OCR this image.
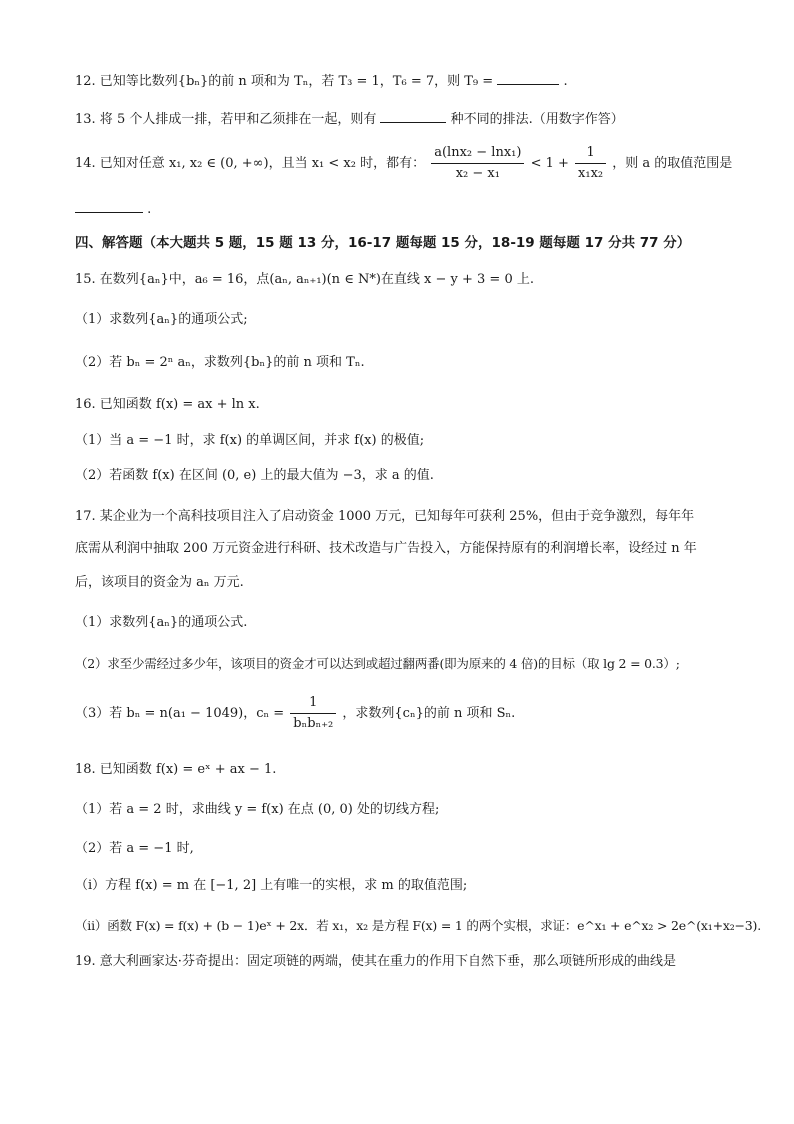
12. 已知等比数列{bₙ}的前 n 项和为 Tₙ，若 T₃ = 1，T₆ = 7，则 T₉ =	.
13. 将 5 个人排成一排，若甲和乙须排在一起，则有	种不同的排法.（用数字作答）
14. 已知对任意 x₁, x₂ ∈ (0, +∞)，且当 x₁ < x₂ 时，都有： $\frac{\text{a(lnx₂ − lnx₁)}}{\text{x₂ − x₁}} < 1 + \frac{1}{\text{x₁x₂}}$ ，则 a 的取值范围是
.
四、解答题（本大题共 5 题，15 题 13 分，16-17 题每题 15 分，18-19 题每题 17 分共 77 分）
15. 在数列{aₙ}中，a₆ = 16，点(aₙ, aₙ₊₁)(n ∈ N*)在直线 x − y + 3 = 0 上.
（1）求数列{aₙ}的通项公式;
（2）若 bₙ = 2ⁿ aₙ，求数列{bₙ}的前 n 项和 Tₙ.
16. 已知函数 f(x) = ax + ln x.
（1）当 a = −1 时，求 f(x) 的单调区间，并求 f(x) 的极值;
（2）若函数 f(x) 在区间 (0, e) 上的最大值为 −3，求 a 的值.
17. 某企业为一个高科技项目注入了启动资金 1000 万元，已知每年可获利 25%，但由于竞争激烈，每年年
底需从利润中抽取 200 万元资金进行科研、技术改造与广告投入，方能保持原有的利润增长率，设经过 n 年
后，该项目的资金为 aₙ 万元.
（1）求数列{aₙ}的通项公式.
（2）求至少需经过多少年，该项目的资金才可以达到或超过翻两番(即为原来的 4 倍)的目标（取 lg 2 = 0.3）;
（3）若 bₙ = n(a₁ − 1049)，$c_n = \frac{1}{\text{bₙbₙ₊₂}}$ ，求数列{cₙ}的前 n 项和 Sₙ.
18. 已知函数 f(x) = eˣ + ax − 1.
（1）若 a = 2 时，求曲线 y = f(x) 在点 (0, 0) 处的切线方程;
（2）若 a = −1 时,
（i）方程 f(x) = m 在 [−1, 2] 上有唯一的实根，求 m 的取值范围;
（ii）函数 F(x) = f(x) + (b − 1)eˣ + 2x．若 x₁，x₂ 是方程 F(x) = 1 的两个实根，求证：e^x₁ + e^x₂ > 2e^(x₁+x₂−3).
19. 意大利画家达·芬奇提出：固定项链的两端，使其在重力的作用下自然下垂，那么项链所形成的曲线是
